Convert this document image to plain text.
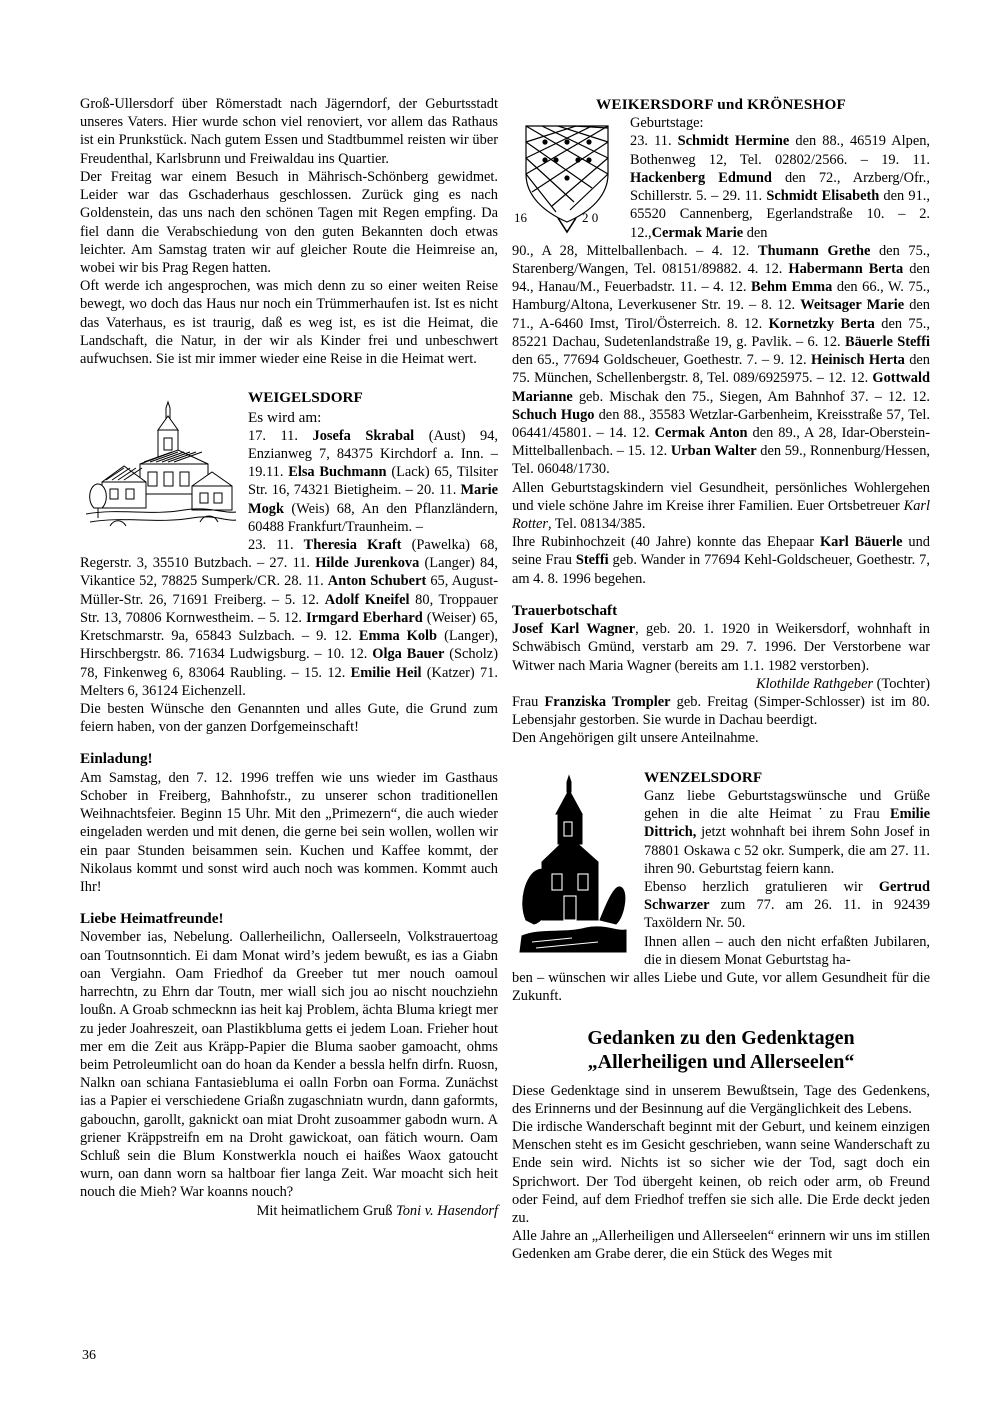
Groß-Ullersdorf über Römerstadt nach Jägerndorf, der Geburtsstadt unseres Vaters. Hier wurde schon viel renoviert, vor allem das Rathaus ist ein Prunkstück. Nach gutem Essen und Stadtbummel reisten wir über Freudenthal, Karlsbrunn und Freiwaldau ins Quartier.

Der Freitag war einem Besuch in Mährisch-Schönberg gewidmet. Leider war das Gschaderhaus geschlossen. Zurück ging es nach Goldenstein, das uns nach den schönen Tagen mit Regen empfing. Da fiel dann die Verabschiedung von den guten Bekannten doch etwas leichter. Am Samstag traten wir auf gleicher Route die Heimreise an, wobei wir bis Prag Regen hatten.

Oft werde ich angesprochen, was mich denn zu so einer weiten Reise bewegt, wo doch das Haus nur noch ein Trümmerhaufen ist. Ist es nicht das Vaterhaus, es ist traurig, daß es weg ist, es ist die Heimat, die Landschaft, die Natur, in der wir als Kinder frei und unbeschwert aufwuchsen. Sie ist mir immer wieder eine Reise in die Heimat wert.

WEIGELSDORF
Es wird am:

17. 11. Josefa Skrabal (Aust) 94, Enzianweg 7, 84375 Kirchdorf a. Inn. – 19.11. Elsa Buchmann (Lack) 65, Tilsiter Str. 16, 74321 Bietigheim. – 20. 11. Marie Mogk (Weis) 68, An den Pflanzländern, 60488 Frankfurt/Traunheim. –

23. 11. Theresia Kraft (Pawelka) 68, Regerstr. 3, 35510 Butzbach. – 27. 11. Hilde Jurenkova (Langer) 84, Vikantice 52, 78825 Sumperk/CR. 28. 11. Anton Schubert 65, August-Müller-Str. 26, 71691 Freiberg. – 5. 12. Adolf Kneifel 80, Troppauer Str. 13, 70806 Kornwestheim. – 5. 12. Irmgard Eberhard (Weiser) 65, Kretschmarstr. 9a, 65843 Sulzbach. – 9. 12. Emma Kolb (Langer), Hirschbergstr. 86. 71634 Ludwigsburg. – 10. 12. Olga Bauer (Scholz) 78, Finkenweg 6, 83064 Raubling. – 15. 12. Emilie Heil (Katzer) 71. Melters 6, 36124 Eichenzell.

Die besten Wünsche den Genannten und alles Gute, die Grund zum feiern haben, von der ganzen Dorfgemeinschaft!

Einladung!

Am Samstag, den 7. 12. 1996 treffen wie uns wieder im Gasthaus Schober in Freiberg, Bahnhofstr., zu unserer schon traditionellen Weihnachtsfeier. Beginn 15 Uhr. Mit den „Primezern“, die auch wieder eingeladen werden und mit denen, die gerne bei sein wollen, wollen wir ein paar Stunden beisammen sein. Kuchen und Kaffee kommt, der Nikolaus kommt und sonst wird auch noch was kommen. Kommt auch Ihr!

Liebe Heimatfreunde!

November ias, Nebelung. Oallerheilichn, Oallerseeln, Volkstrauertoag oan Toutnsonntich. Ei dam Monat wird’s jedem bewußt, es ias a Giabn oan Vergiahn. Oam Friedhof da Greeber tut mer nouch oamoul harrechtn, zu Ehrn dar Toutn, mer wiall sich jou ao nischt nouchziehn loußn. A Groab schmecknn ias heit kaj Problem, ächta Bluma kriegt mer zu jeder Joahreszeit, oan Plastikbluma getts ei jedem Loan. Frieher hout mer em die Zeit aus Kräpp-Papier die Bluma saober gamoacht, ohms beim Petroleumlicht oan do hoan da Kender a bessla helfn dirfn. Ruosn, Nalkn oan schiana Fantasiebluma ei oalln Forbn oan Forma. Zunächst ias a Papier ei verschiedene Griaßn zugaschniatn wurdn, dann gaformts, gabouchn, garollt, gaknickt oan miat Droht zusoammer gabodn wurn. A griener Kräppstreifn em na Droht gawickoat, oan fätich wourn. Oam Schluß sein die Blum Konstwerkla nouch ei haißes Waox gatoucht wurn, oan dann worn sa haltboar fier langa Zeit. War moacht sich heit nouch die Mieh? War koanns nouch?

Mit heimatlichem Gruß Toni v. Hasendorf

WEIKERSDORF und KRÖNESHOF
16	2 0
Geburtstage:

23. 11. Schmidt Hermine den 88., 46519 Alpen, Bothenweg 12, Tel. 02802/2566. – 19. 11. Hackenberg Edmund den 72., Arzberg/Ofr., Schillerstr. 5. – 29. 11. Schmidt Elisabeth den 91., 65520 Cannenberg, Egerlandstraße 10. – 2. 12.,Cermak Marie den

90., A 28, Mittelballenbach. – 4. 12. Thumann Grethe den 75., Starenberg/Wangen, Tel. 08151/89882. 4. 12. Habermann Berta den 94., Hanau/M., Feuerbadstr. 11. – 4. 12. Behm Emma den 66., W. 75., Hamburg/Altona, Leverkusener Str. 19. – 8. 12. Weitsager Marie den 71., A-6460 Imst, Tirol/Österreich. 8. 12. Kornetzky Berta den 75., 85221 Dachau, Sudetenlandstraße 19, g. Pavlik. – 6. 12. Bäuerle Steffi den 65., 77694 Goldscheuer, Goethestr. 7. – 9. 12. Heinisch Herta den 75. München, Schellenbergstr. 8, Tel. 089/6925975. – 12. 12. Gottwald Marianne geb. Mischak den 75., Siegen, Am Bahnhof 37. – 12. 12. Schuch Hugo den 88., 35583 Wetzlar-Garbenheim, Kreisstraße 57, Tel. 06441/45801. – 14. 12. Cermak Anton den 89., A 28, Idar-Oberstein-Mittelballenbach. – 15. 12. Urban Walter den 59., Ronnenburg/Hessen, Tel. 06048/1730.

Allen Geburtstagskindern viel Gesundheit, persönliches Wohlergehen und viele schöne Jahre im Kreise ihrer Familien. Euer Ortsbetreuer Karl Rotter, Tel. 08134/385.

Ihre Rubinhochzeit (40 Jahre) konnte das Ehepaar Karl Bäuerle und seine Frau Steffi geb. Wander in 77694 Kehl-Goldscheuer, Goethestr. 7, am 4. 8. 1996 begehen.

Trauerbotschaft

Josef Karl Wagner, geb. 20. 1. 1920 in Weikersdorf, wohnhaft in Schwäbisch Gmünd, verstarb am 29. 7. 1996. Der Verstorbene war Witwer nach Maria Wagner (bereits am 1.1. 1982 verstorben).

Klothilde Rathgeber (Tochter)

Frau Franziska Trompler geb. Freitag (Simper-Schlosser) ist im 80. Lebensjahr gestorben. Sie wurde in Dachau beerdigt.

Den Angehörigen gilt unsere Anteilnahme.

WENZELSDORF

Ganz liebe Geburtstagswünsche und Grüße gehen in die alte Heimat˙zu Frau Emilie Dittrich, jetzt wohnhaft bei ihrem Sohn Josef in 78801 Oskawa c 52 okr. Sumperk, die am 27. 11. ihren 90. Geburtstag feiern kann.

Ebenso herzlich gratulieren wir Gertrud Schwarzer zum 77. am 26. 11. in 92439 Taxöldern Nr. 50.

Ihnen allen – auch den nicht erfaßten Jubilaren, die in diesem Monat Geburtstag ha-

ben – wünschen wir alles Liebe und Gute, vor allem Gesundheit für die Zukunft.

Gedanken zu den Gedenktagen
„Allerheiligen und Allerseelen“

Diese Gedenktage sind in unserem Bewußtsein, Tage des Gedenkens, des Erinnerns und der Besinnung auf die Vergänglichkeit des Lebens.

Die irdische Wanderschaft beginnt mit der Geburt, und keinem einzigen Menschen steht es im Gesicht geschrieben, wann seine Wanderschaft zu Ende sein wird. Nichts ist so sicher wie der Tod, sagt doch ein Sprichwort. Der Tod übergeht keinen, ob reich oder arm, ob Freund oder Feind, auf dem Friedhof treffen sie sich alle. Die Erde deckt jeden zu.

Alle Jahre an „Allerheiligen und Allerseelen“ erinnern wir uns im stillen Gedenken am Grabe derer, die ein Stück des Weges mit

36
